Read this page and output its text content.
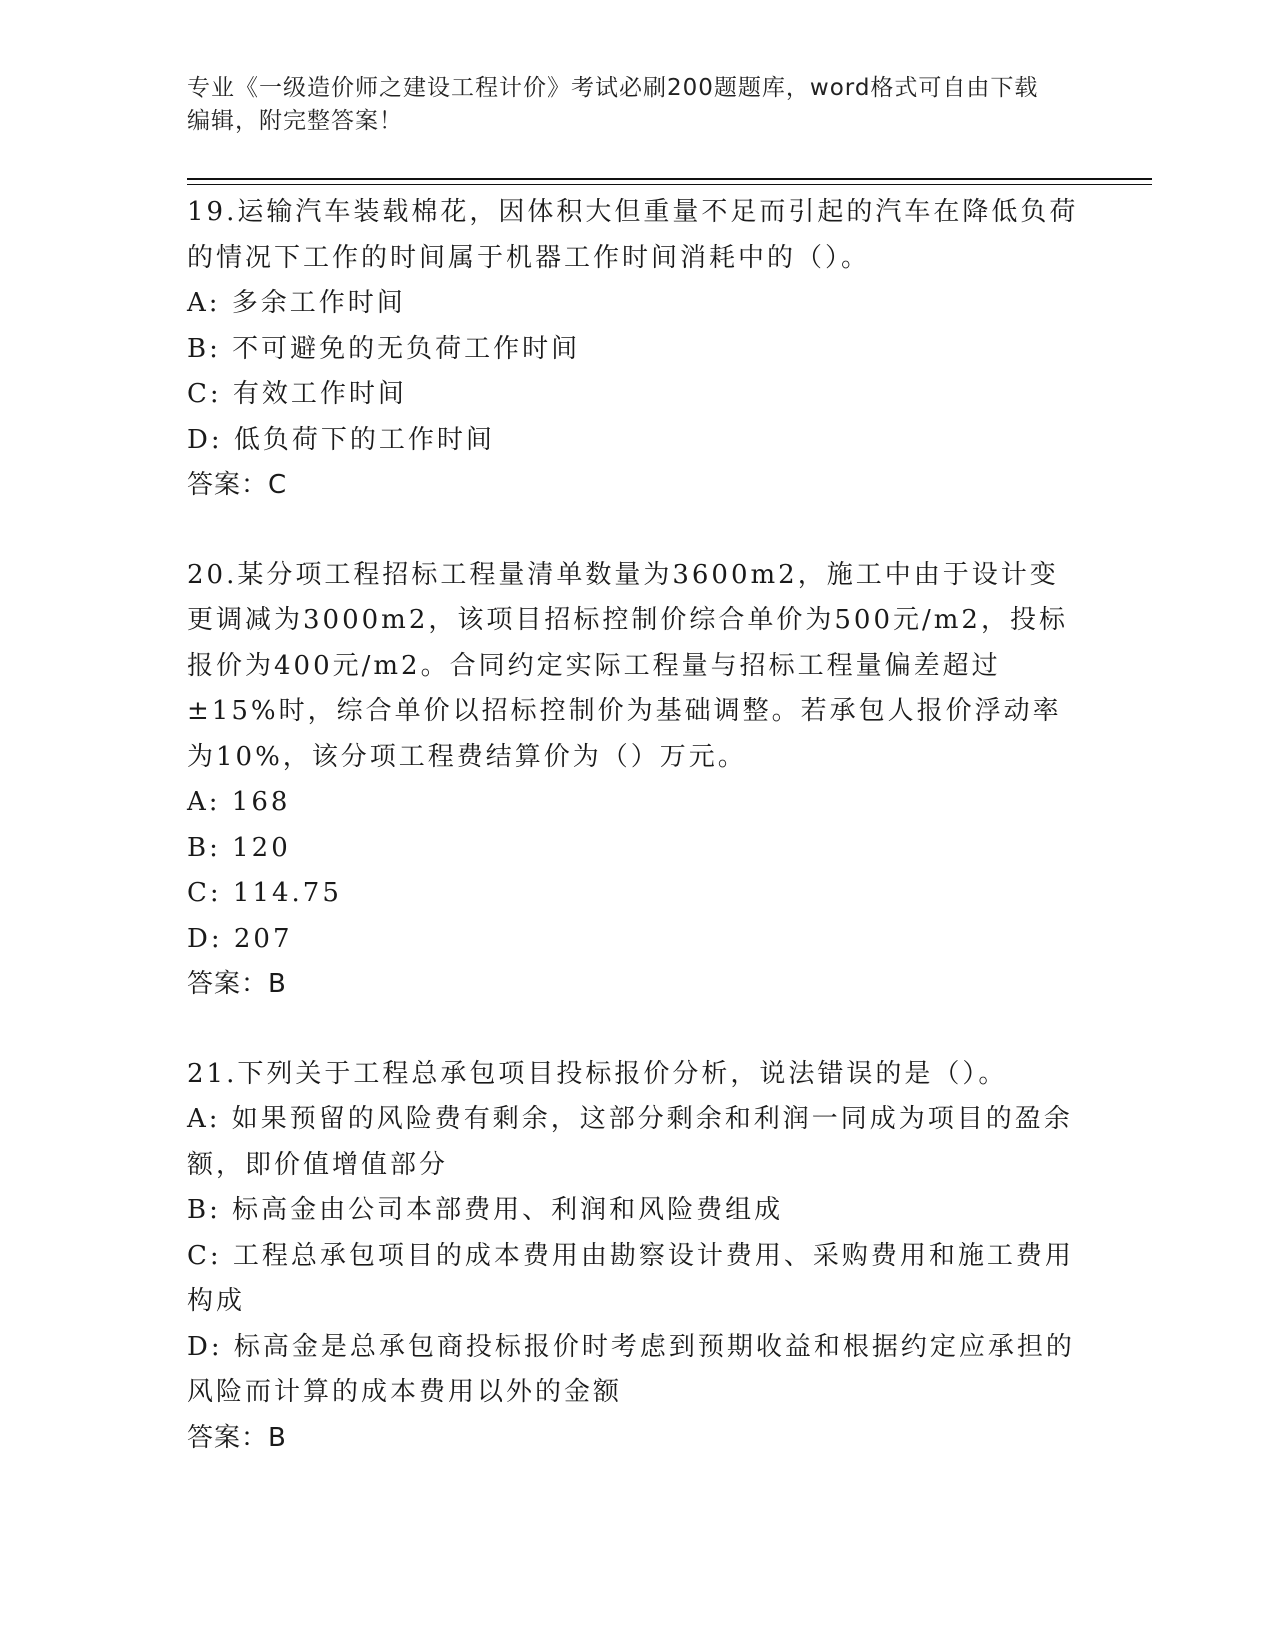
专业《一级造价师之建设工程计价》考试必刷200题题库，word格式可自由下载
编辑，附完整答案！
19.运输汽车装载棉花，因体积大但重量不足而引起的汽车在降低负荷的情况下工作的时间属于机器工作时间消耗中的（）。
A: 多余工作时间
B: 不可避免的无负荷工作时间
C: 有效工作时间
D: 低负荷下的工作时间
答案：C
20.某分项工程招标工程量清单数量为3600m2，施工中由于设计变更调减为3000m2，该项目招标控制价综合单价为500元/m2，投标报价为400元/m2。合同约定实际工程量与招标工程量偏差超过±15%时，综合单价以招标控制价为基础调整。若承包人报价浮动率为10%，该分项工程费结算价为（）万元。
A: 168
B: 120
C: 114.75
D: 207
答案：B
21.下列关于工程总承包项目投标报价分析，说法错误的是（）。
A: 如果预留的风险费有剩余，这部分剩余和利润一同成为项目的盈余额，即价值增值部分
B: 标高金由公司本部费用、利润和风险费组成
C: 工程总承包项目的成本费用由勘察设计费用、采购费用和施工费用构成
D: 标高金是总承包商投标报价时考虑到预期收益和根据约定应承担的风险而计算的成本费用以外的金额
答案：B
